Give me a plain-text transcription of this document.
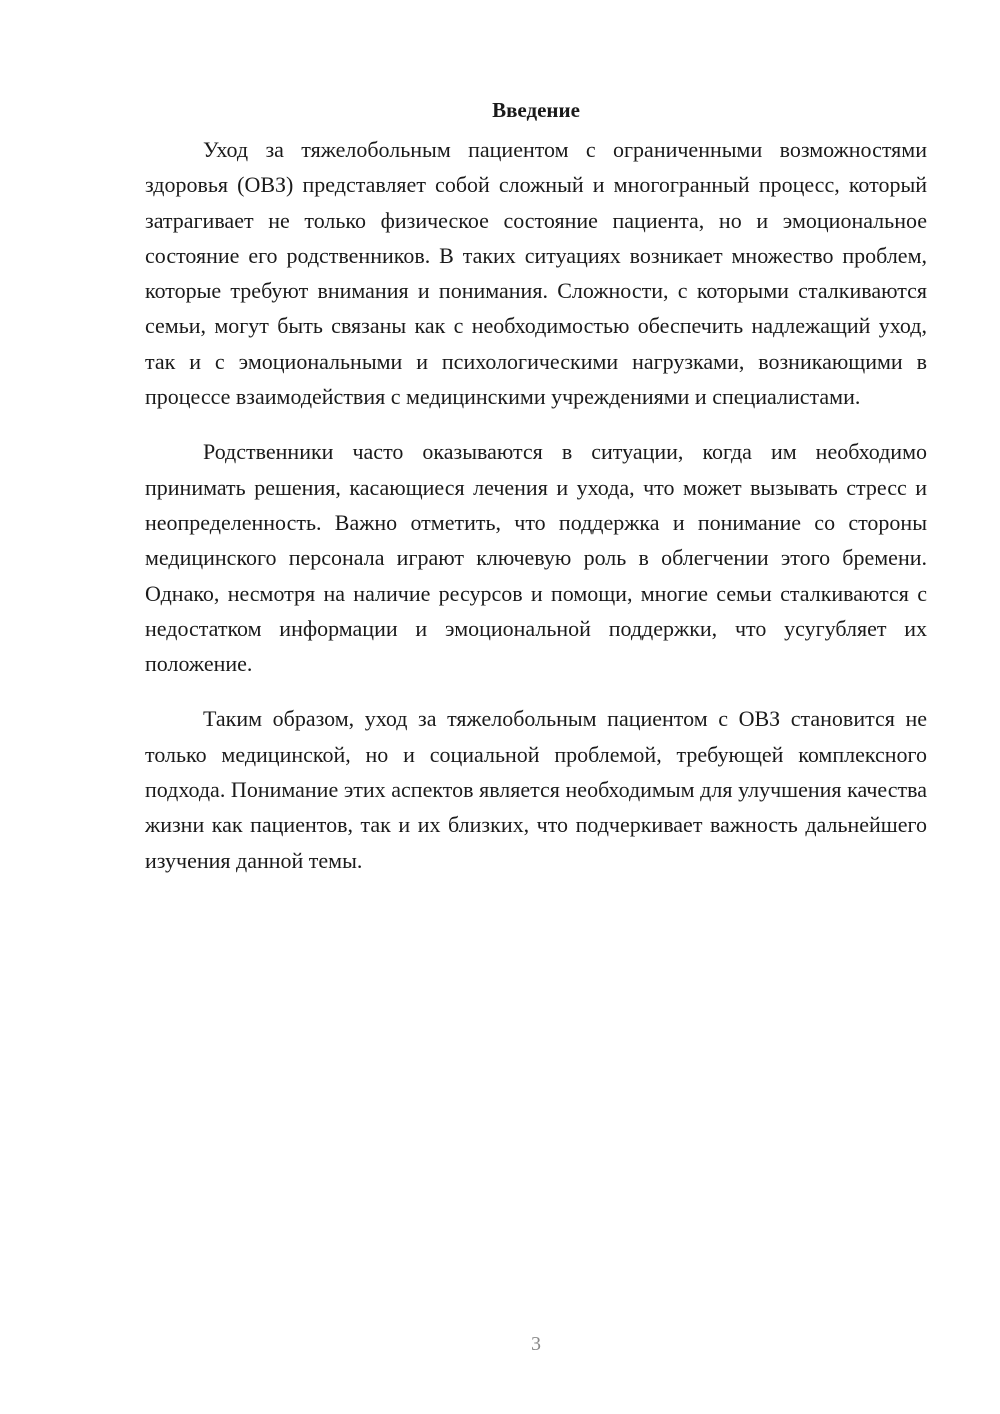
Введение

Уход за тяжелобольным пациентом с ограниченными возможностями здоровья (ОВЗ) представляет собой сложный и многогранный процесс, который затрагивает не только физическое состояние пациента, но и эмоциональное состояние его родственников. В таких ситуациях возникает множество проблем, которые требуют внимания и понимания. Сложности, с которыми сталкиваются семьи, могут быть связаны как с необходимостью обеспечить надлежащий уход, так и с эмоциональными и психологическими нагрузками, возникающими в процессе взаимодействия с медицинскими учреждениями и специалистами.

Родственники часто оказываются в ситуации, когда им необходимо принимать решения, касающиеся лечения и ухода, что может вызывать стресс и неопределенность. Важно отметить, что поддержка и понимание со стороны медицинского персонала играют ключевую роль в облегчении этого бремени. Однако, несмотря на наличие ресурсов и помощи, многие семьи сталкиваются с недостатком информации и эмоциональной поддержки, что усугубляет их положение.

Таким образом, уход за тяжелобольным пациентом с ОВЗ становится не только медицинской, но и социальной проблемой, требующей комплексного подхода. Понимание этих аспектов является необходимым для улучшения качества жизни как пациентов, так и их близких, что подчеркивает важность дальнейшего изучения данной темы.

3
